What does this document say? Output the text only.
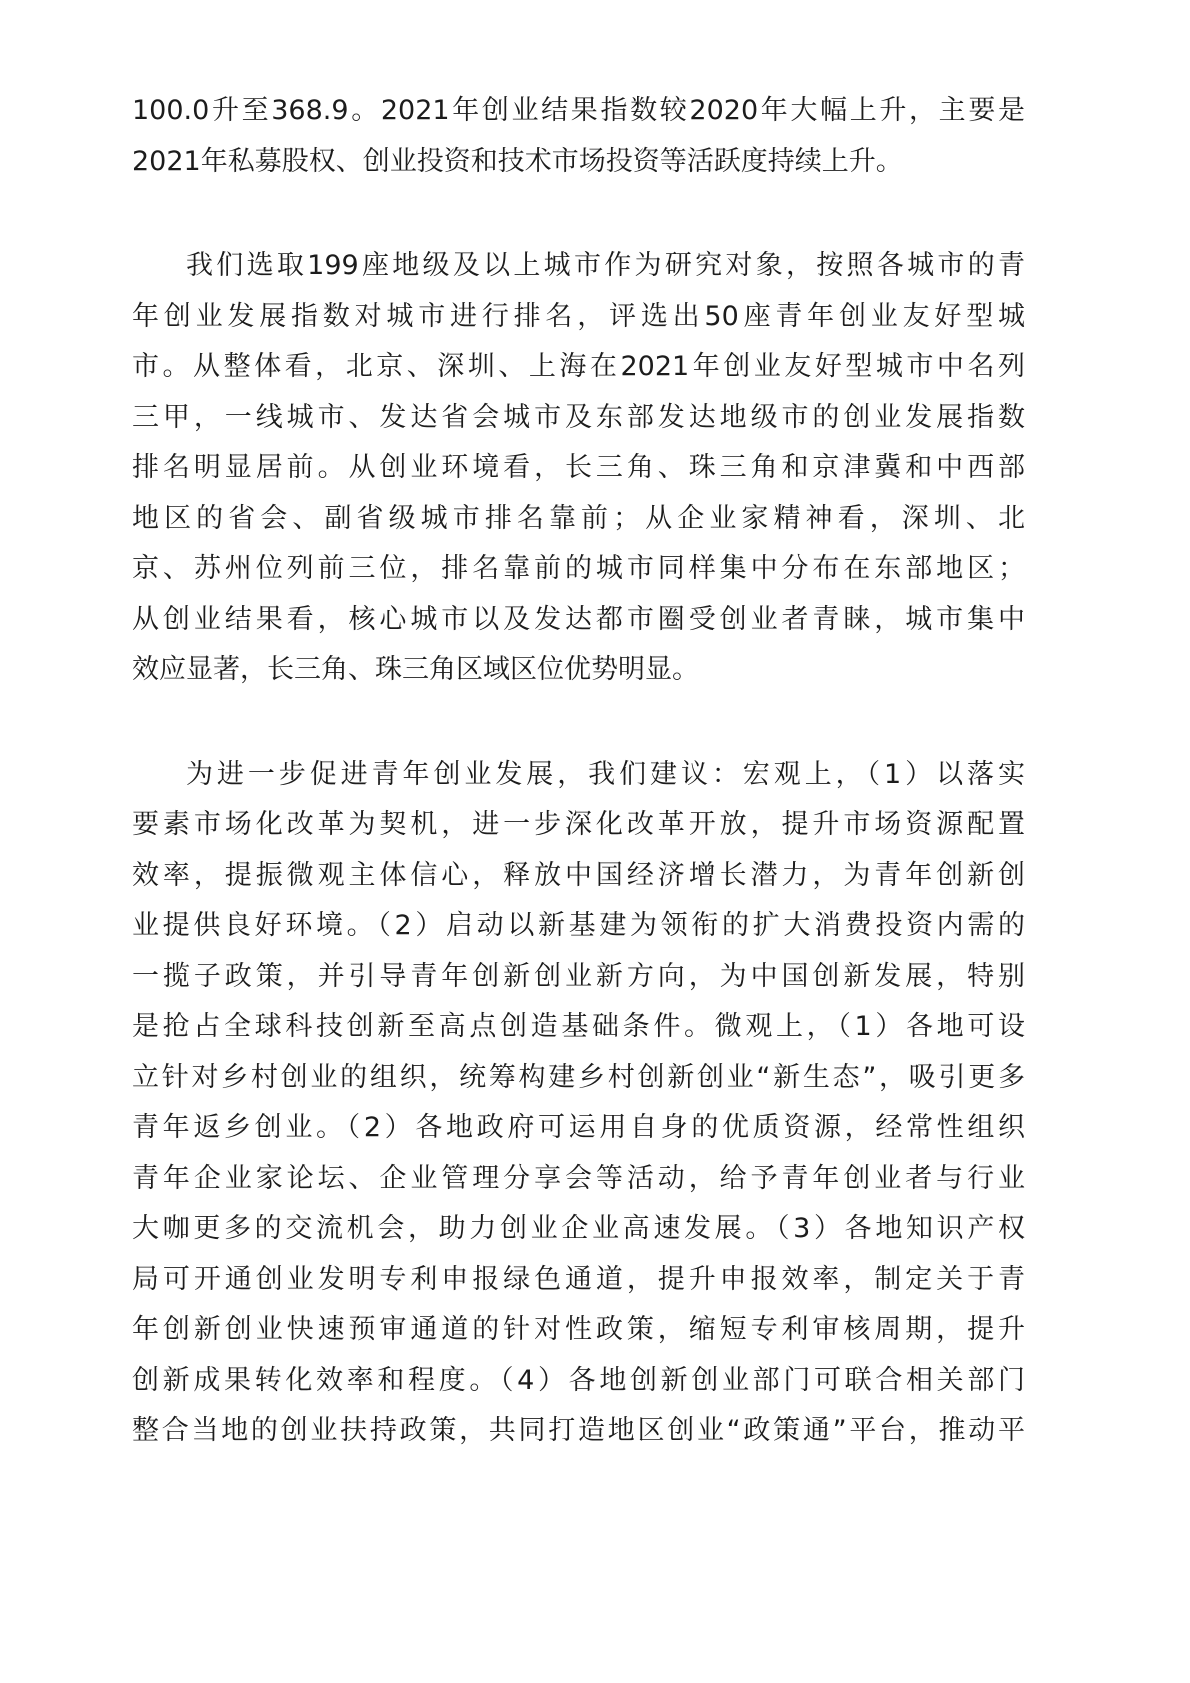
100.0升至368.9。2021年创业结果指数较2020年大幅上升，主要是
2021年私募股权、创业投资和技术市场投资等活跃度持续上升。
我们选取199座地级及以上城市作为研究对象，按照各城市的青
年创业发展指数对城市进行排名，评选出50座青年创业友好型城
市。从整体看，北京、深圳、上海在2021年创业友好型城市中名列
三甲，一线城市、发达省会城市及东部发达地级市的创业发展指数
排名明显居前。从创业环境看，长三角、珠三角和京津冀和中西部
地区的省会、副省级城市排名靠前；从企业家精神看，深圳、北
京、苏州位列前三位，排名靠前的城市同样集中分布在东部地区；
从创业结果看，核心城市以及发达都市圈受创业者青睐，城市集中
效应显著，长三角、珠三角区域区位优势明显。
为进一步促进青年创业发展，我们建议：宏观上，（1）以落实
要素市场化改革为契机，进一步深化改革开放，提升市场资源配置
效率，提振微观主体信心，释放中国经济增长潜力，为青年创新创
业提供良好环境。（2）启动以新基建为领衔的扩大消费投资内需的
一揽子政策，并引导青年创新创业新方向，为中国创新发展，特别
是抢占全球科技创新至高点创造基础条件。微观上，（1）各地可设
立针对乡村创业的组织，统筹构建乡村创新创业“新生态”，吸引更多
青年返乡创业。（2）各地政府可运用自身的优质资源，经常性组织
青年企业家论坛、企业管理分享会等活动，给予青年创业者与行业
大咖更多的交流机会，助力创业企业高速发展。（3）各地知识产权
局可开通创业发明专利申报绿色通道，提升申报效率，制定关于青
年创新创业快速预审通道的针对性政策，缩短专利审核周期，提升
创新成果转化效率和程度。（4）各地创新创业部门可联合相关部门
整合当地的创业扶持政策，共同打造地区创业“政策通”平台，推动平
